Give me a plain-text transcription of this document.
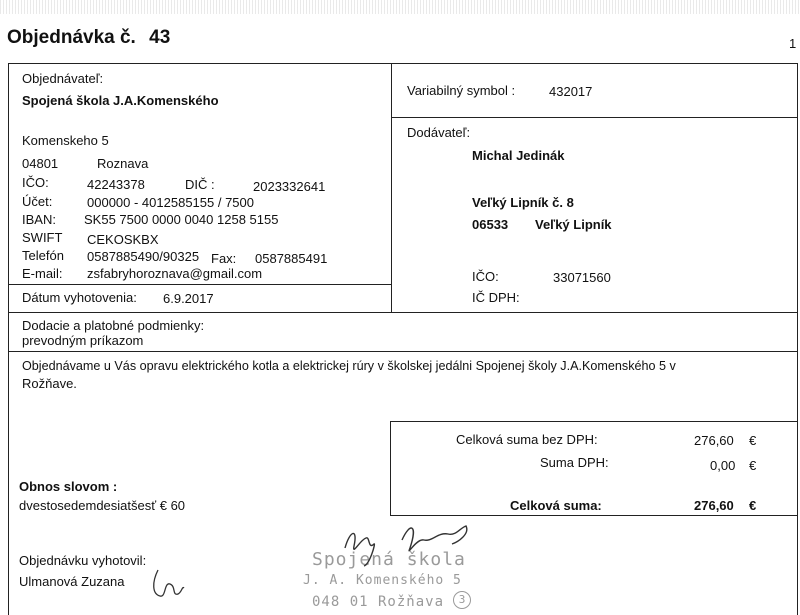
Objednávka č. 43	1
Objednávateľ:
Spojená škola J.A.Komenského
Komenskeho 5
04801	Roznava
IČO:	42243378	DIČ :	2023332641
Účet:	000000 - 4012585155 / 7500
IBAN: SK55 7500 0000 0040 1258 5155
SWIFT CEKOSKBX
Telefón 0587885490/90325 Fax: 0587885491
E-mail: zsfabryhoroznava@gmail.com
Dátum vyhotovenia: 6.9.2017
Variabilný symbol :	432017
Dodávateľ:
Michal Jedinák
Veľký Lipník č. 8
06533 Veľký Lipník
IČO:	33071560
IČ DPH:
Dodacie a platobné podmienky:
prevodným príkazom
Objednávame u Vás opravu elektrického kotla a elektrickej rúry v školskej jedálni Spojenej školy J.A.Komenského 5 v
Rožňave.
Celková suma bez DPH:	276,60 €
Suma DPH:	0,00 €
Celková suma:	276,60 €
Obnos slovom :
dvestosedemdesiatšesť € 60
Objednávku vyhotovil:
Ulmanová Zuzana
Spojená škola
J. A. Komenského 5
048 01 Rožňava	3
